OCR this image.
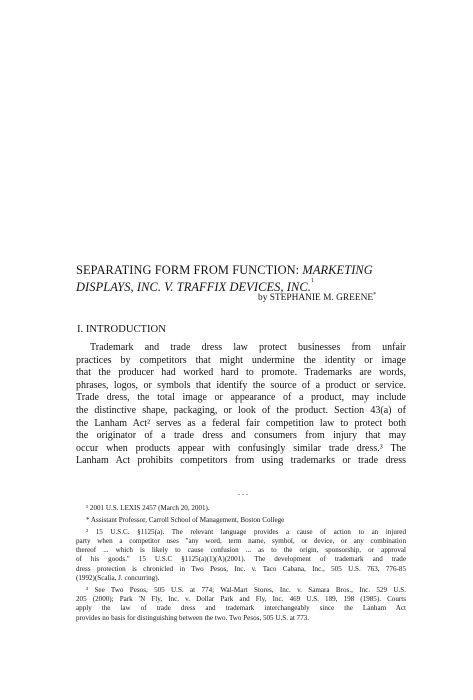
SEPARATING FORM FROM FUNCTION: MARKETING
DISPLAYS, INC. V. TRAFFIX DEVICES, INC.$^1$
by STEPHANIE M. GREENE*
I. INTRODUCTION
Trademark and trade dress law protect businesses from unfair
practices by competitors that might undermine the identity or image
that the producer had worked hard to promote. Trademarks are words,
phrases, logos, or symbols that identify the source of a product or service.
Trade dress, the total image or appearance of a product, may include
the distinctive shape, packaging, or look of the product. Section 43(a) of
the Lanham Act² serves as a federal fair competition law to protect both
the originator of a trade dress and consumers from injury that may
occur when products appear with confusingly similar trade dress.³ The
Lanham Act prohibits competitors from using trademarks or trade dress
. . .
¹ 2001 U.S. LEXIS 2457 (March 20, 2001).
* Assistant Professor, Carroll School of Management, Boston College
² 15 U.S.C. §1125(a). The relevant language provides a cause of action to an injured
party when a competitor uses "any word, term name, symbol, or device, or any combination
thereof ... which is likely to cause confusion ... as to the origin, sponsorship, or approval
of his goods." 15 U.S.C §1125(a)(1)(A)(2001). The development of trademark and trade
dress protection is chronicled in Two Pesos, Inc. v. Taco Cabana, Inc., 505 U.S. 763, 776-85
(1992)(Scalia, J. concurring).
³ See Two Pesos, 505 U.S. at 774; Wal-Mart Stores, Inc. v. Samara Bros., Inc. 529 U.S.
205 (2000); Park 'N Fly, Inc. v. Dollar Park and Fly, Inc. 469 U.S. 189, 198 (1985). Courts
apply the law of trade dress and trademark interchangeably since the Lanham Act
provides no basis for distinguishing between the two. Two Pesos, 505 U.S. at 773.
